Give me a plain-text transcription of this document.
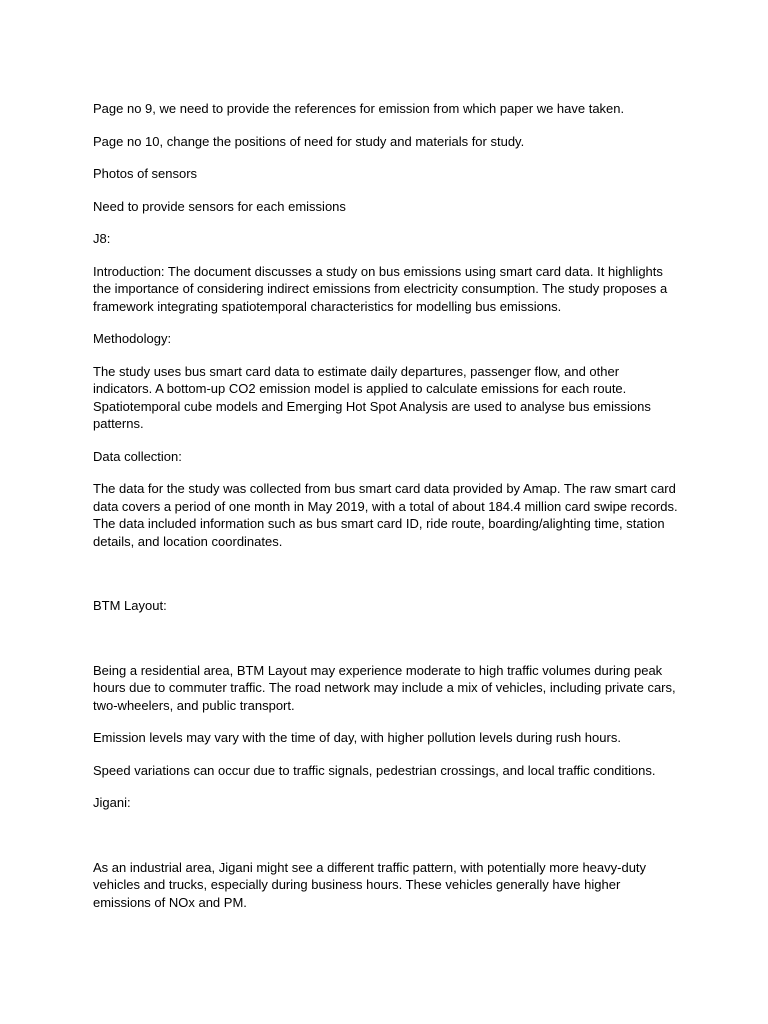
Page no 9, we need to provide the references for emission from which paper we have taken.

Page no 10, change the positions of need for study and materials for study.

Photos of sensors

Need to provide sensors for each emissions

J8:

Introduction: The document discusses a study on bus emissions using smart card data. It highlights the importance of considering indirect emissions from electricity consumption. The study proposes a framework integrating spatiotemporal characteristics for modelling bus emissions.

Methodology:

The study uses bus smart card data to estimate daily departures, passenger flow, and other indicators. A bottom-up CO2 emission model is applied to calculate emissions for each route. Spatiotemporal cube models and Emerging Hot Spot Analysis are used to analyse bus emissions patterns.

Data collection:

The data for the study was collected from bus smart card data provided by Amap. The raw smart card data covers a period of one month in May 2019, with a total of about 184.4 million card swipe records. The data included information such as bus smart card ID, ride route, boarding/alighting time, station details, and location coordinates.

BTM Layout:

Being a residential area, BTM Layout may experience moderate to high traffic volumes during peak hours due to commuter traffic. The road network may include a mix of vehicles, including private cars, two-wheelers, and public transport.

Emission levels may vary with the time of day, with higher pollution levels during rush hours.

Speed variations can occur due to traffic signals, pedestrian crossings, and local traffic conditions.

Jigani:

As an industrial area, Jigani might see a different traffic pattern, with potentially more heavy-duty vehicles and trucks, especially during business hours. These vehicles generally have higher emissions of NOx and PM.
